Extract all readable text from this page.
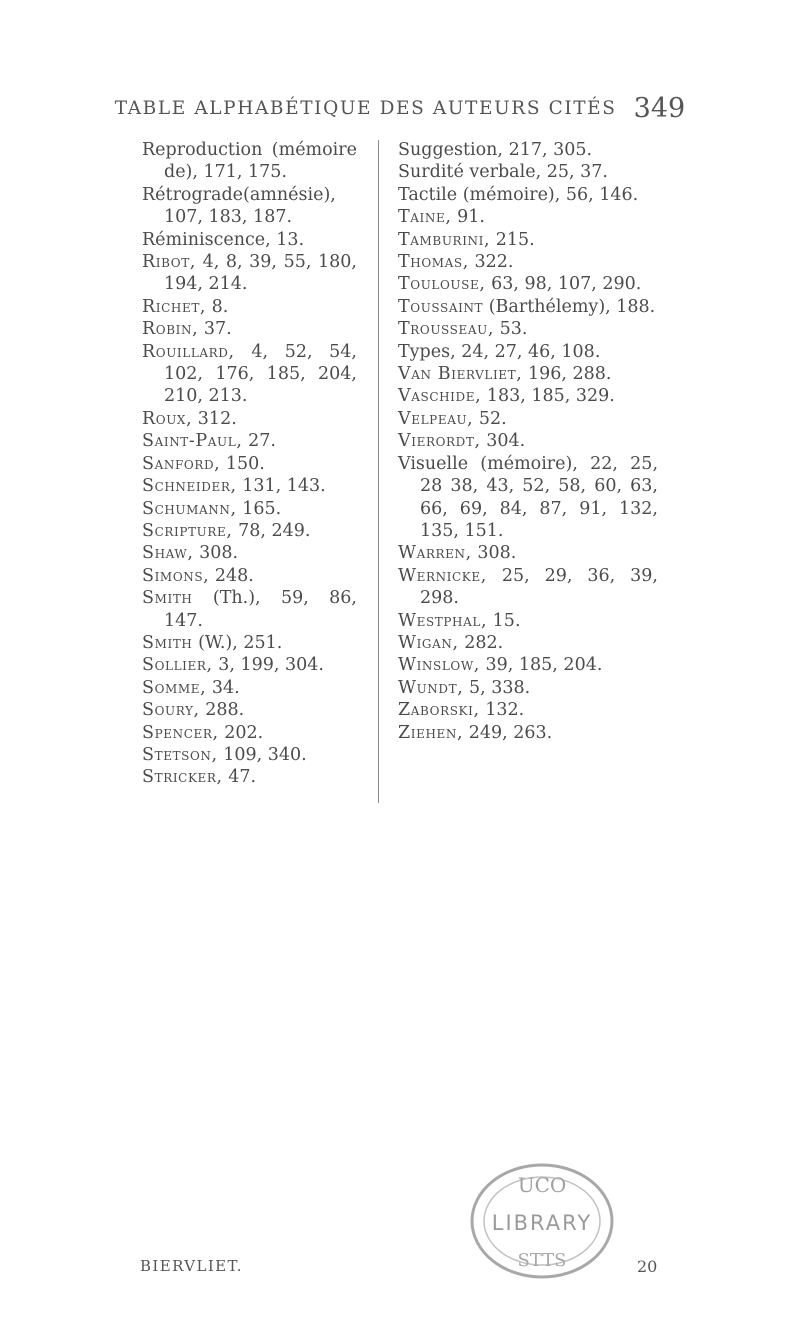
TABLE ALPHABÉTIQUE DES AUTEURS CITÉS 349
Reproduction (mémoire de), 171, 175.
Rétrograde(amnésie), 107, 183, 187.
Réminiscence, 13.
Ribot, 4, 8, 39, 55, 180, 194, 214.
Richet, 8.
Robin, 37.
Rouillard, 4, 52, 54, 102, 176, 185, 204, 210, 213.
Roux, 312.
Saint-Paul, 27.
Sanford, 150.
Schneider, 131, 143.
Schumann, 165.
Scripture, 78, 249.
Shaw, 308.
Simons, 248.
Smith (Th.), 59, 86, 147.
Smith (W.), 251.
Sollier, 3, 199, 304.
Somme, 34.
Soury, 288.
Spencer, 202.
Stetson, 109, 340.
Stricker, 47.
Suggestion, 217, 305.
Surdité verbale, 25, 37.
Tactile (mémoire), 56, 146.
Taine, 91.
Tamburini, 215.
Thomas, 322.
Toulouse, 63, 98, 107, 290.
Toussaint (Barthélemy), 188.
Trousseau, 53.
Types, 24, 27, 46, 108.
Van Biervliet, 196, 288.
Vaschide, 183, 185, 329.
Velpeau, 52.
Vierordt, 304.
Visuelle (mémoire), 22, 25, 28 38, 43, 52, 58, 60, 63, 66, 69, 84, 87, 91, 132, 135, 151.
Warren, 308.
Wernicke, 25, 29, 36, 39, 298.
Westphal, 15.
Wigan, 282.
Winslow, 39, 185, 204.
Wundt, 5, 338.
Zaborski, 132.
Ziehen, 249, 263.
UCO
LIBRARY
STTS
BIERVLIET.	20
